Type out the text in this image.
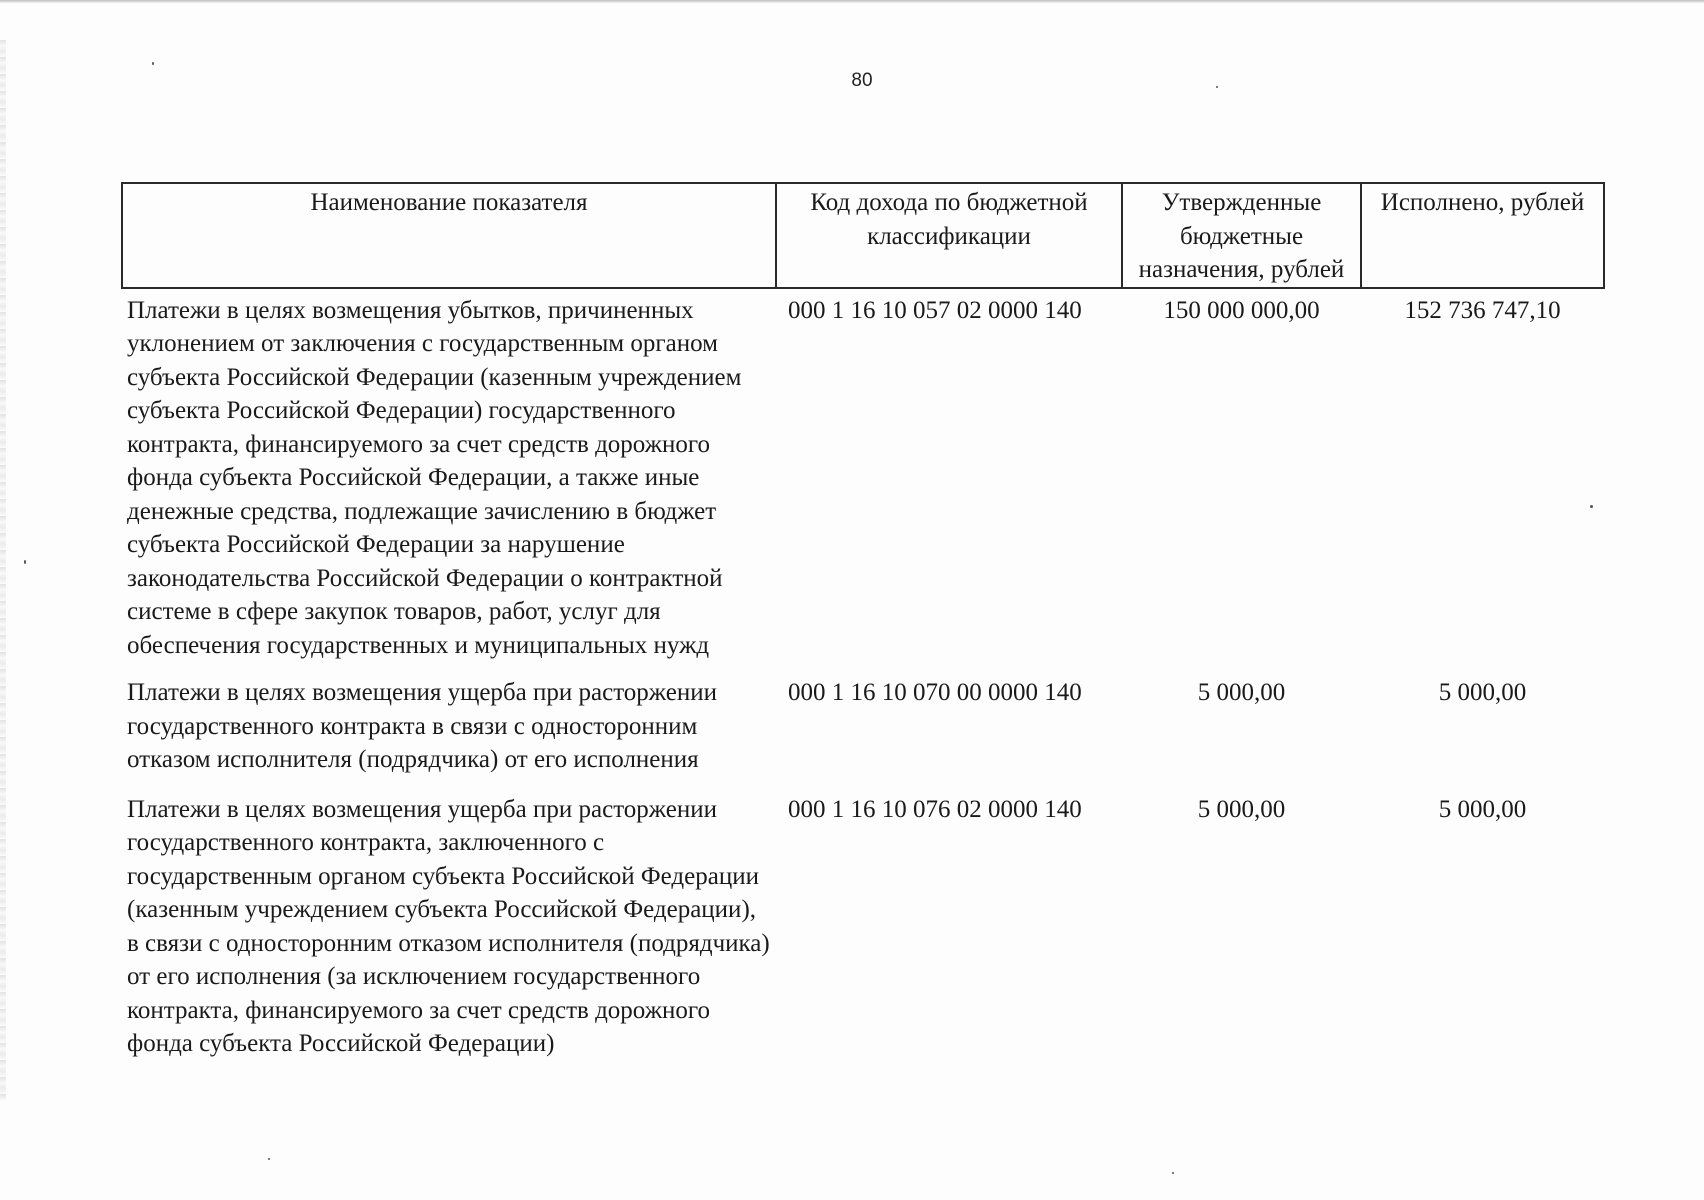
80
Наименование показателя	Код дохода по бюджетной классификации	Утвержденные бюджетные назначения, рублей	Исполнено, рублей
Платежи в целях возмещения убытков, причиненных уклонением от заключения с государственным органом субъекта Российской Федерации (казенным учреждением субъекта Российской Федерации) государственного контракта, финансируемого за счет средств дорожного фонда субъекта Российской Федерации, а также иные денежные средства, подлежащие зачислению в бюджет субъекта Российской Федерации за нарушение законодательства Российской Федерации о контрактной системе в сфере закупок товаров, работ, услуг для обеспечения государственных и муниципальных нужд	000 1 16 10 057 02 0000 140	150 000 000,00	152 736 747,10
Платежи в целях возмещения ущерба при расторжении государственного контракта в связи с односторонним отказом исполнителя (подрядчика) от его исполнения	000 1 16 10 070 00 0000 140	5 000,00	5 000,00
Платежи в целях возмещения ущерба при расторжении государственного контракта, заключенного с государственным органом субъекта Российской Федерации (казенным учреждением субъекта Российской Федерации), в связи с односторонним отказом исполнителя (подрядчика) от его исполнения (за исключением государственного контракта, финансируемого за счет средств дорожного фонда субъекта Российской Федерации)	000 1 16 10 076 02 0000 140	5 000,00	5 000,00
